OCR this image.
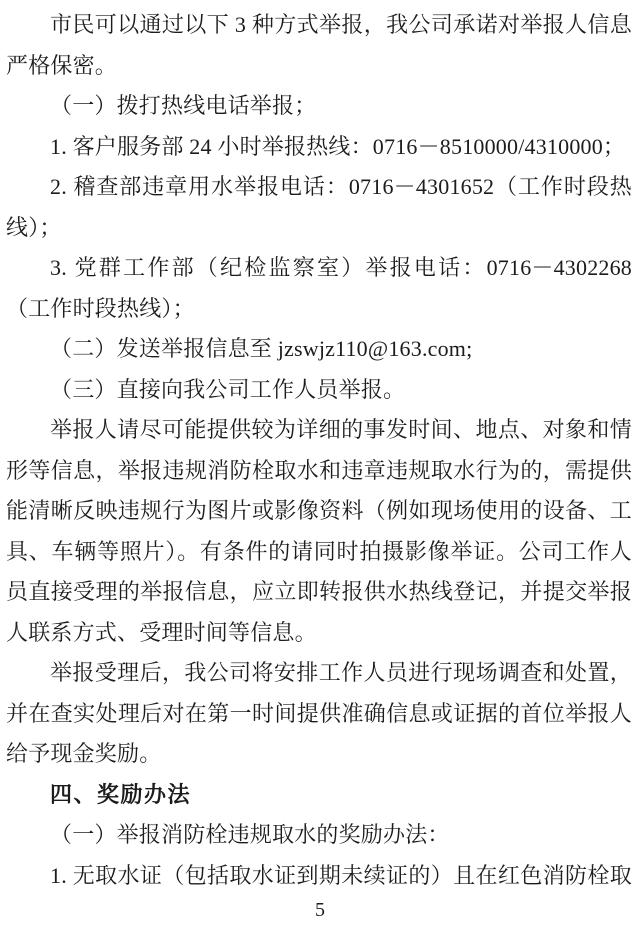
市民可以通过以下 3 种方式举报，我公司承诺对举报人信息严格保密。

（一）拨打热线电话举报；

1. 客户服务部 24 小时举报热线：0716－8510000/4310000；

2. 稽查部违章用水举报电话：0716－4301652（工作时段热线）；

3. 党群工作部（纪检监察室）举报电话：0716－4302268（工作时段热线）；

（二）发送举报信息至 jzswjz110@163.com;

（三）直接向我公司工作人员举报。

举报人请尽可能提供较为详细的事发时间、地点、对象和情形等信息，举报违规消防栓取水和违章违规取水行为的，需提供能清晰反映违规行为图片或影像资料（例如现场使用的设备、工具、车辆等照片）。有条件的请同时拍摄影像举证。公司工作人员直接受理的举报信息，应立即转报供水热线登记，并提交举报人联系方式、受理时间等信息。

举报受理后，我公司将安排工作人员进行现场调查和处置，并在查实处理后对在第一时间提供准确信息或证据的首位举报人给予现金奖励。

四、奖励办法

（一）举报消防栓违规取水的奖励办法：

1. 无取水证（包括取水证到期未续证的）且在红色消防栓取

5
